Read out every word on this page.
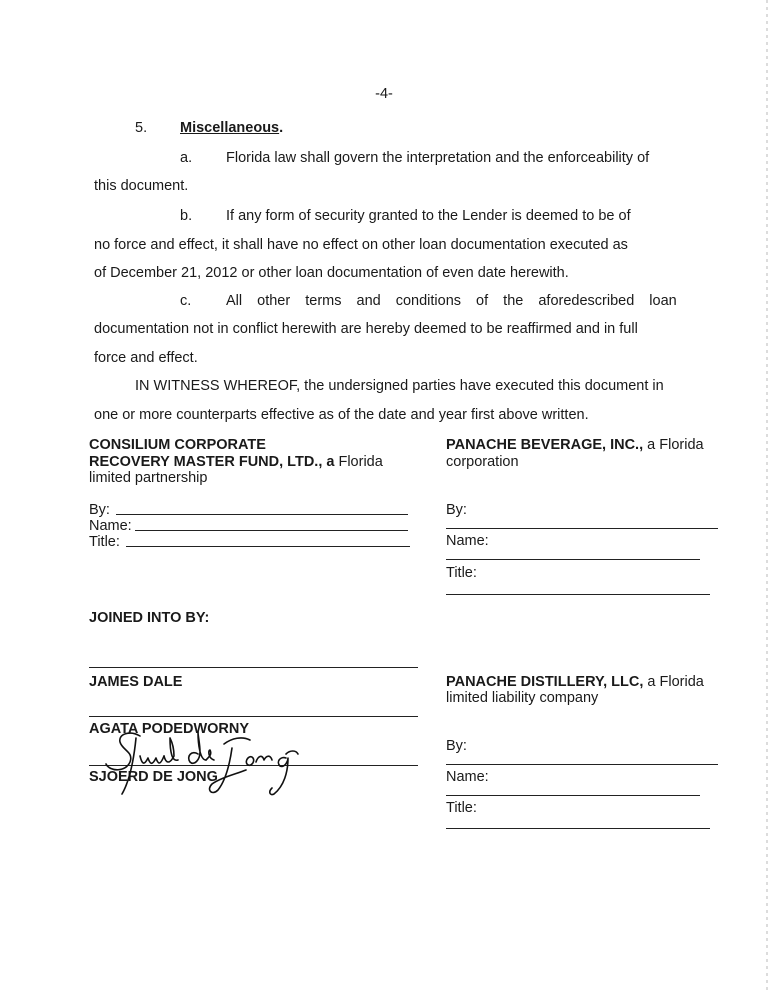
-4-
5. Miscellaneous.
a. Florida law shall govern the interpretation and the enforceability of
this document.
b. If any form of security granted to the Lender is deemed to be of
no force and effect, it shall have no effect on other loan documentation executed as
of December 21, 2012 or other loan documentation of even date herewith.
c. All other terms and conditions of the aforedescribed loan
documentation not in conflict herewith are hereby deemed to be reaffirmed and in full
force and effect.
IN WITNESS WHEREOF, the undersigned parties have executed this document in
one or more counterparts effective as of the date and year first above written.
CONSILIUM CORPORATE
RECOVERY MASTER FUND, LTD., a Florida
limited partnership
By:
Name:
Title:
PANACHE BEVERAGE, INC., a Florida
corporation
By:
Name:
Title:
JOINED INTO BY:
JAMES DALE
AGATA PODEDWORNY
SJOERD DE JONG
PANACHE DISTILLERY, LLC, a Florida
limited liability company
By:
Name:
Title:
